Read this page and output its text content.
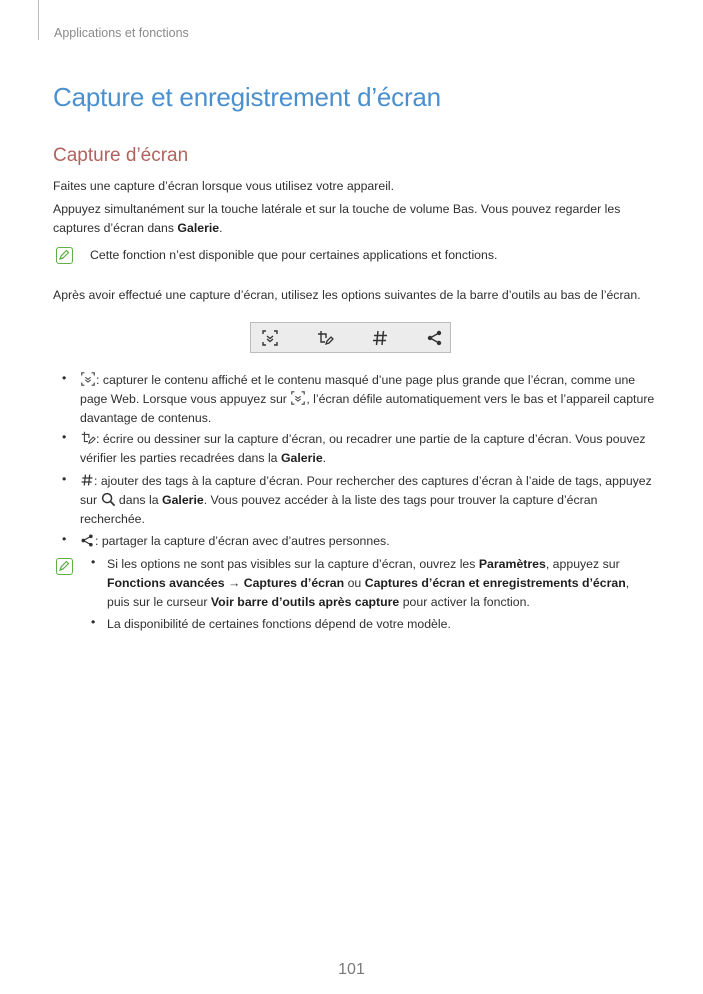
Applications et fonctions
Capture et enregistrement d’écran
Capture d’écran
Faites une capture d’écran lorsque vous utilisez votre appareil.
Appuyez simultanément sur la touche latérale et sur la touche de volume Bas. Vous pouvez regarder les captures d’écran dans Galerie.
Cette fonction n’est disponible que pour certaines applications et fonctions.
Après avoir effectué une capture d’écran, utilisez les options suivantes de la barre d’outils au bas de l’écran.
•	: capturer le contenu affiché et le contenu masqué d’une page plus grande que l’écran, comme une page Web. Lorsque vous appuyez sur , l’écran défile automatiquement vers le bas et l’appareil capture davantage de contenus.
•	: écrire ou dessiner sur la capture d’écran, ou recadrer une partie de la capture d’écran. Vous pouvez vérifier les parties recadrées dans la Galerie.
•	: ajouter des tags à la capture d’écran. Pour rechercher des captures d’écran à l’aide de tags, appuyez sur  dans la Galerie. Vous pouvez accéder à la liste des tags pour trouver la capture d’écran recherchée.
•	: partager la capture d’écran avec d’autres personnes.
• Si les options ne sont pas visibles sur la capture d’écran, ouvrez les Paramètres, appuyez sur Fonctions avancées → Captures d’écran ou Captures d’écran et enregistrements d’écran, puis sur le curseur Voir barre d’outils après capture pour activer la fonction.
• La disponibilité de certaines fonctions dépend de votre modèle.
101
